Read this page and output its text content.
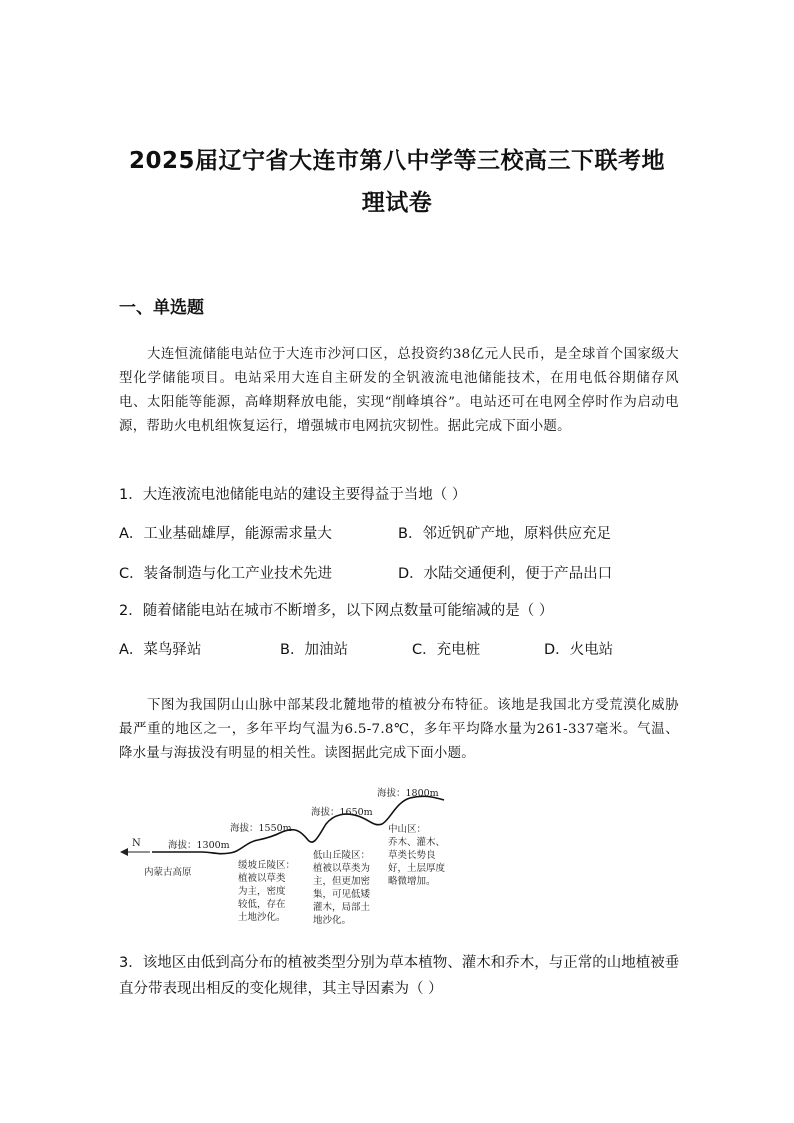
2025届辽宁省大连市第八中学等三校高三下联考地
理试卷
一、单选题
大连恒流储能电站位于大连市沙河口区，总投资约38亿元人民币，是全球首个国家级大型化学储能项目。电站采用大连自主研发的全钒液流电池储能技术，在用电低谷期储存风电、太阳能等能源，高峰期释放电能，实现“削峰填谷”。电站还可在电网全停时作为启动电源，帮助火电机组恢复运行，增强城市电网抗灾韧性。据此完成下面小题。
1．大连液流电池储能电站的建设主要得益于当地（ ）
A．工业基础雄厚，能源需求量大	B．邻近钒矿产地，原料供应充足
C．装备制造与化工产业技术先进	D．水陆交通便利，便于产品出口
2．随着储能电站在城市不断增多，以下网点数量可能缩减的是（ ）
A．菜鸟驿站	B．加油站	C．充电桩	D．火电站
下图为我国阴山山脉中部某段北麓地带的植被分布特征。该地是我国北方受荒漠化威胁最严重的地区之一，多年平均气温为6.5-7.8℃，多年平均降水量为261-337毫米。气温、降水量与海拔没有明显的相关性。读图据此完成下面小题。
N	海拔：1300m
海拔：1550m
海拔：1650m
海拔：1800m
内蒙古高原
缓坡丘陵区： 植被以草类 为主，密度 较低，存在 土地沙化。
低山丘陵区： 植被以草类为 主，但更加密 集，可见低矮 灌木，局部土 地沙化。
中山区： 乔木、灌木、 草类长势良 好，土层厚度 略微增加。
3．该地区由低到高分布的植被类型分别为草本植物、灌木和乔木，与正常的山地植被垂直分带表现出相反的变化规律，其主导因素为（ ）
